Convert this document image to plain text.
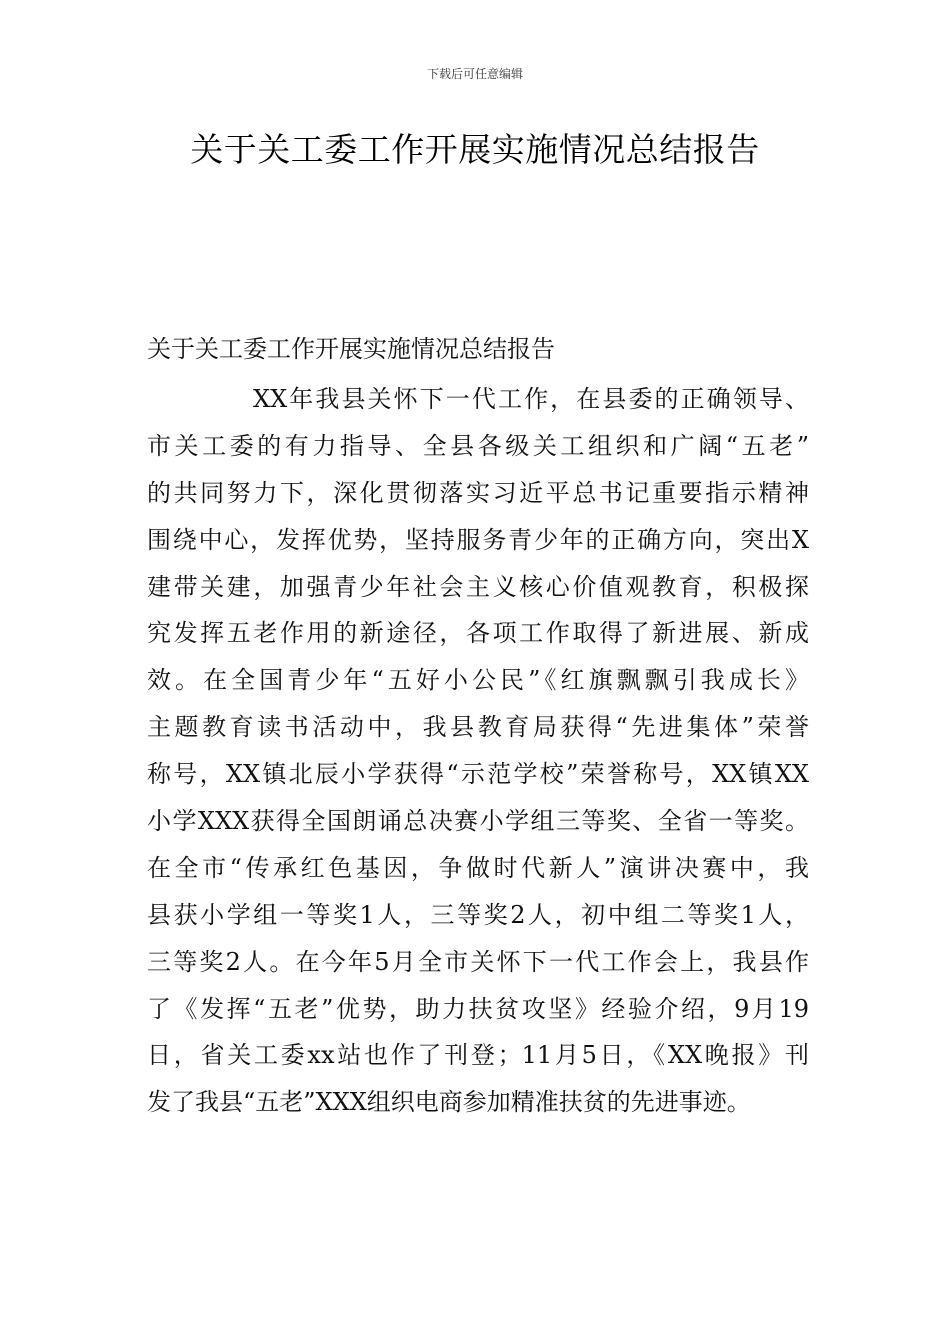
下载后可任意编辑
关于关工委工作开展实施情况总结报告
关于关工委工作开展实施情况总结报告
XX年我县关怀下一代工作，在县委的正确领导、
市关工委的有力指导、全县各级关工组织和广阔“五老”
的共同努力下，深化贯彻落实习近平总书记重要指示精神
围绕中心，发挥优势，坚持服务青少年的正确方向，突出X
建带关建，加强青少年社会主义核心价值观教育，积极探
究发挥五老作用的新途径，各项工作取得了新进展、新成
效。在全国青少年“五好小公民”《红旗飘飘引我成长》
主题教育读书活动中，我县教育局获得“先进集体”荣誉
称号，XX镇北辰小学获得“示范学校”荣誉称号，XX镇XX
小学XXX获得全国朗诵总决赛小学组三等奖、全省一等奖。
在全市“传承红色基因，争做时代新人”演讲决赛中，我
县获小学组一等奖1人，三等奖2人，初中组二等奖1人，
三等奖2人。在今年5月全市关怀下一代工作会上，我县作
了《发挥“五老”优势，助力扶贫攻坚》经验介绍，9月19
日，省关工委xx站也作了刊登；11月5日，《XX晚报》刊
发了我县“五老”XXX组织电商参加精准扶贫的先进事迹。
